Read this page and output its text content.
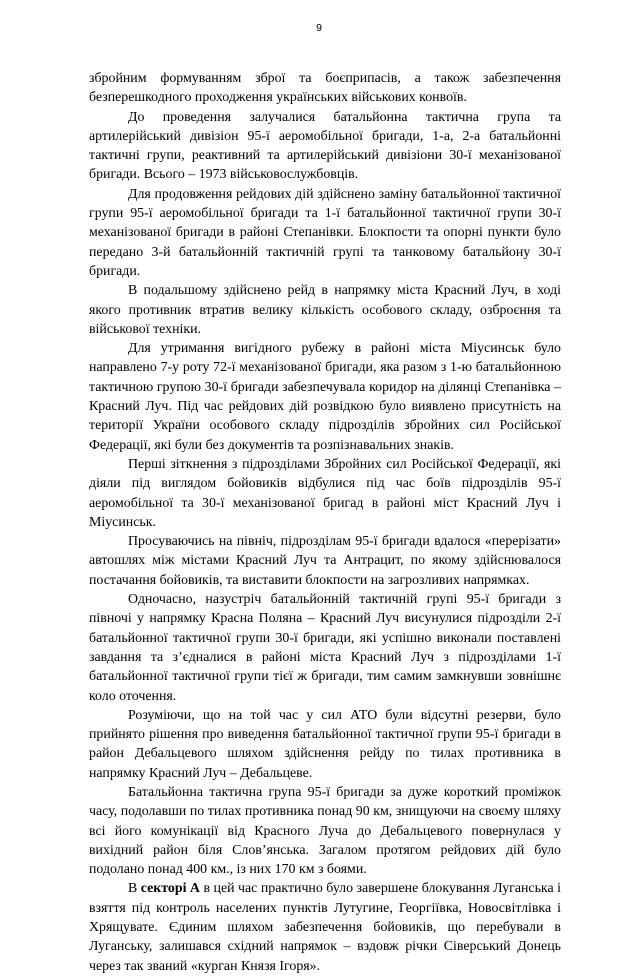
9

збройним формуванням зброї та боєприпасів, а також забезпечення безперешкодного проходження українських військових конвоїв.

До проведення залучалися батальйонна тактична група та артилерійський дивізіон 95-ї аеромобільної бригади, 1-а, 2-а батальйонні тактичні групи, реактивний та артилерійський дивізіони 30-ї механізованої бригади. Всього – 1973 військовослужбовців.

Для продовження рейдових дій здійснено заміну батальйонної тактичної групи 95-ї аеромобільної бригади та 1-ї батальйонної тактичної групи 30-ї механізованої бригади в районі Степанівки. Блокпости та опорні пункти було передано 3-й батальйонній тактичній групі та танковому батальйону 30-ї бригади.

В подальшому здійснено рейд в напрямку міста Красний Луч, в ході якого противник втратив велику кількість особового складу, озброєння та військової техніки.

Для утримання вигідного рубежу в районі міста Міусинськ було направлено 7-у роту 72-ї механізованої бригади, яка разом з 1-ю батальйонною тактичною групою 30-ї бригади забезпечувала коридор на ділянці Степанівка – Красний Луч. Під час рейдових дій розвідкою було виявлено присутність на території України особового складу підрозділів збройних сил Російської Федерації, які були без документів та розпізнавальних знаків.

Перші зіткнення з підрозділами Збройних сил Російської Федерації, які діяли під виглядом бойовиків відбулися під час боїв підрозділів 95-ї аеромобільної та 30-ї механізованої бригад в районі міст Красний Луч і Міусинськ.

Просуваючись на північ, підрозділам 95-ї бригади вдалося «перерізати» автошлях між містами Красний Луч та Антрацит, по якому здійснювалося постачання бойовиків, та виставити блокпости на загрозливих напрямках.

Одночасно, назустріч батальйонній тактичній групі 95-ї бригади з півночі у напрямку Красна Поляна – Красний Луч висунулися підрозділи 2-ї батальйонної тактичної групи 30-ї бригади, які успішно виконали поставлені завдання та з’єдналися в районі міста Красний Луч з підрозділами 1-ї батальйонної тактичної групи тієї ж бригади, тим самим замкнувши зовнішнє коло оточення.

Розуміючи, що на той час у сил АТО були відсутні резерви, було прийнято рішення про виведення батальйонної тактичної групи 95-ї бригади в район Дебальцевого шляхом здійснення рейду по тилах противника в напрямку Красний Луч – Дебальцеве.

Батальйонна тактична група 95-ї бригади за дуже короткий проміжок часу, подолавши по тилах противника понад 90 км, знищуючи на своєму шляху всі його комунікації від Красного Луча до Дебальцевого повернулася у вихідний район біля Слов’янська. Загалом протягом рейдових дій було подолано понад 400 км., із них 170 км з боями.

В секторі А в цей час практично було завершене блокування Луганська і взяття під контроль населених пунктів Лутугине, Георгіївка, Новосвітлівка і Хрящувате. Єдиним шляхом забезпечення бойовиків, що перебували в Луганську, залишався східний напрямок – вздовж річки Сіверський Донець через так званий «курган Князя Ігоря».
